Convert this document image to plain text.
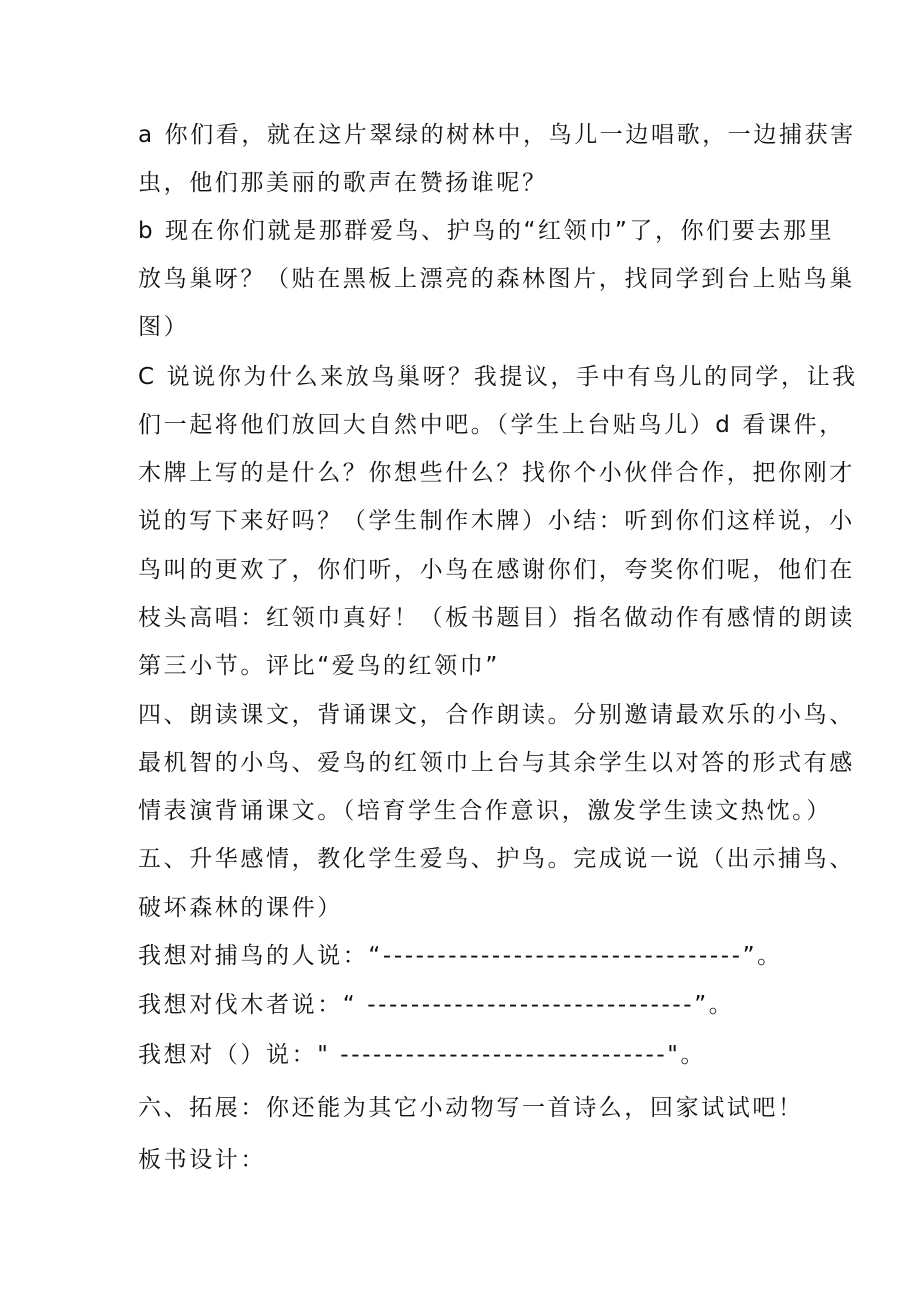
a 你们看，就在这片翠绿的树林中，鸟儿一边唱歌，一边捕获害
虫，他们那美丽的歌声在赞扬谁呢？
b 现在你们就是那群爱鸟、护鸟的“红领巾”了，你们要去那里
放鸟巢呀？（贴在黑板上漂亮的森林图片，找同学到台上贴鸟巢
图）
C 说说你为什么来放鸟巢呀？我提议，手中有鸟儿的同学，让我
们一起将他们放回大自然中吧。（学生上台贴鸟儿）d 看课件，
木牌上写的是什么？你想些什么？找你个小伙伴合作，把你刚才
说的写下来好吗？（学生制作木牌）小结：听到你们这样说，小
鸟叫的更欢了，你们听，小鸟在感谢你们，夸奖你们呢，他们在
枝头高唱：红领巾真好！（板书题目）指名做动作有感情的朗读
第三小节。评比“爱鸟的红领巾”
四、朗读课文，背诵课文，合作朗读。分别邀请最欢乐的小鸟、
最机智的小鸟、爱鸟的红领巾上台与其余学生以对答的形式有感
情表演背诵课文。（培育学生合作意识，激发学生读文热忱。）
五、升华感情，教化学生爱鸟、护鸟。完成说一说（出示捕鸟、
破坏森林的课件）
我想对捕鸟的人说：“---------------------------------”。
我想对伐木者说：“ ------------------------------”。
我想对（）说：" ------------------------------"。
六、拓展：你还能为其它小动物写一首诗么，回家试试吧！
板书设计：
